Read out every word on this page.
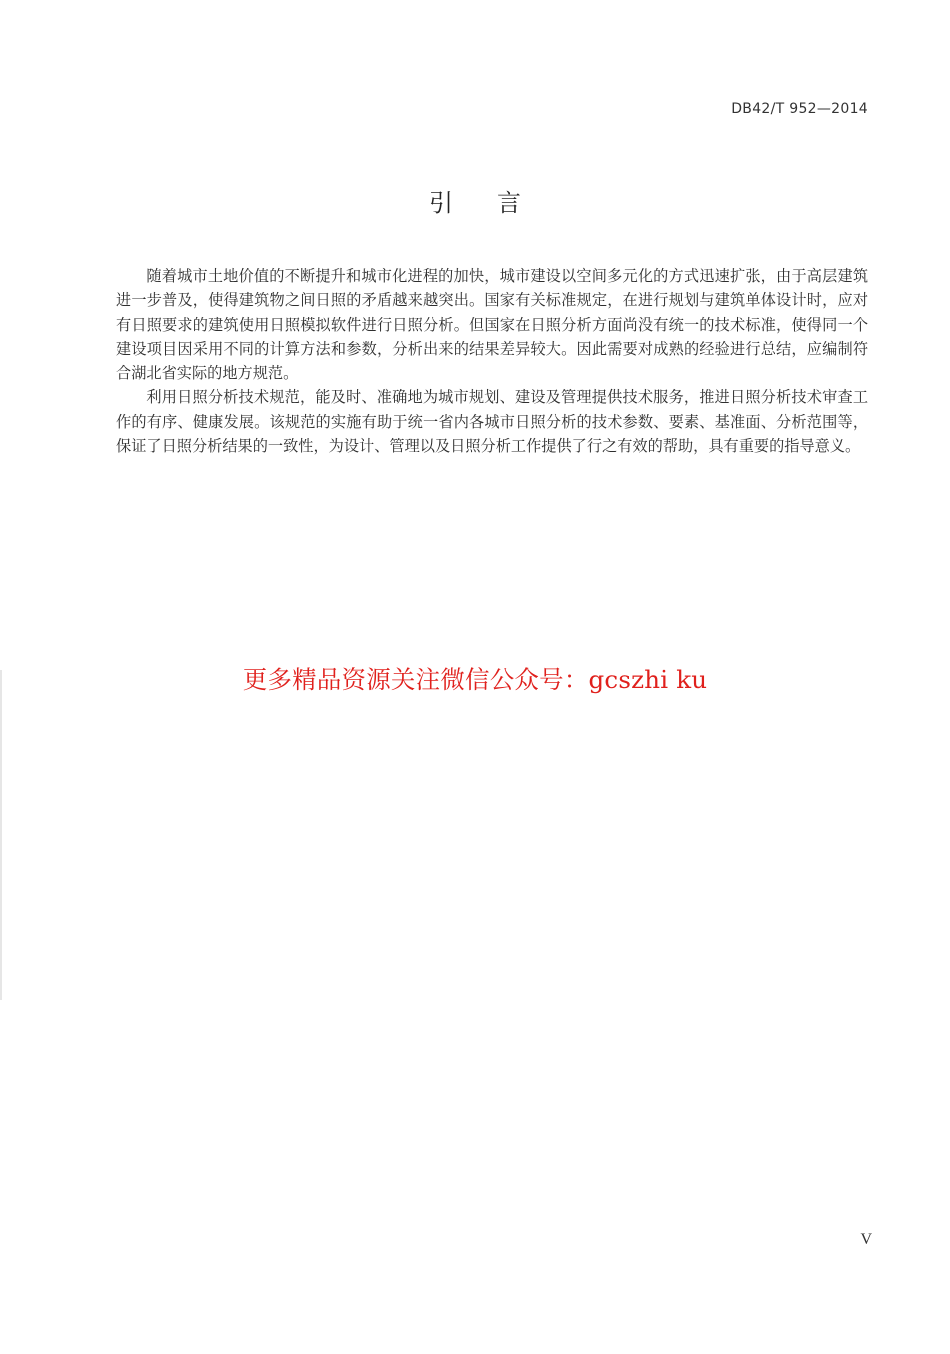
DB42/T 952—2014
引言

随着城市土地价值的不断提升和城市化进程的加快，城市建设以空间多元化的方式迅速扩张，由于高层建筑进一步普及，使得建筑物之间日照的矛盾越来越突出。国家有关标准规定，在进行规划与建筑单体设计时，应对有日照要求的建筑使用日照模拟软件进行日照分析。但国家在日照分析方面尚没有统一的技术标准，使得同一个建设项目因采用不同的计算方法和参数，分析出来的结果差异较大。因此需要对成熟的经验进行总结，应编制符合湖北省实际的地方规范。

利用日照分析技术规范，能及时、准确地为城市规划、建设及管理提供技术服务，推进日照分析技术审查工作的有序、健康发展。该规范的实施有助于统一省内各城市日照分析的技术参数、要素、基准面、分析范围等，保证了日照分析结果的一致性，为设计、管理以及日照分析工作提供了行之有效的帮助，具有重要的指导意义。

更多精品资源关注微信公众号：gcszhi ku
V
